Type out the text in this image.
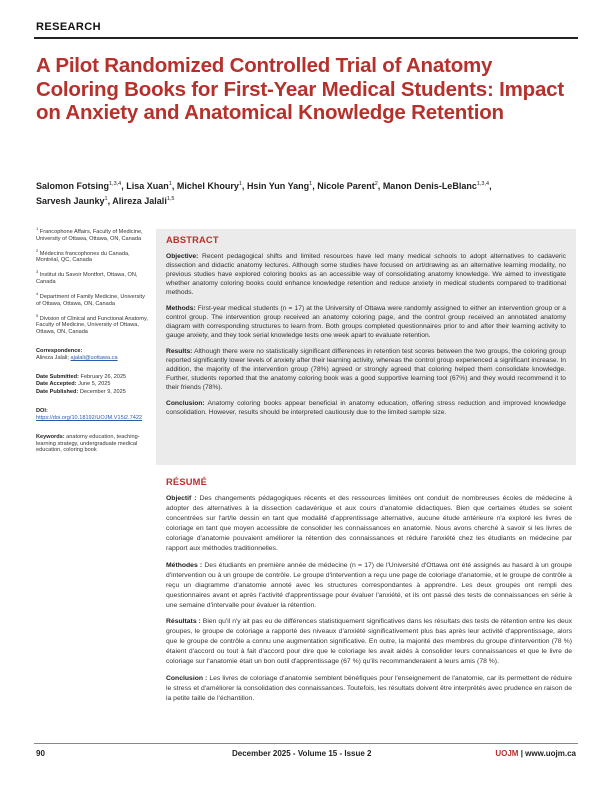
RESEARCH
A Pilot Randomized Controlled Trial of Anatomy Coloring Books for First-Year Medical Students: Impact on Anxiety and Anatomical Knowledge Retention
Salomon Fotsing$^{1,3,4}$, Lisa Xuan$^1$, Michel Khoury$^1$, Hsin Yun Yang$^1$, Nicole Parent$^2$, Manon Denis-LeBlanc$^{1,3,4}$,
Sarvesh Jaunky$^1$, Alireza Jalali$^{1,5}$
$^1$ Francophone Affairs, Faculty of Medicine, University of Ottawa, Ottawa, ON, Canada
$^2$ Médecins francophones du Canada, Montréal, QC, Canada
$^3$ Institut du Savoir Montfort, Ottawa, ON, Canada
$^4$ Department of Family Medicine, University of Ottawa, Ottawa, ON, Canada
$^5$ Division of Clinical and Functional Anatomy, Faculty of Medicine, University of Ottawa, Ottawa, ON, Canada
Correspondence:
Alireza Jalali; ajalali@uottawa.ca
Date Submitted: February 26, 2025
Date Accepted: June 5, 2025
Date Published: December 9, 2025
DOI: https://doi.org/10.18192/UOJM.V15i2.7422
Keywords: anatomy education, teaching-learning strategy, undergraduate medical education, coloring book
ABSTRACT

Objective: Recent pedagogical shifts and limited resources have led many medical schools to adopt alternatives to cadaveric dissection and didactic anatomy lectures. Although some studies have focused on art/drawing as an alternative learning modality, no previous studies have explored coloring books as an accessible way of consolidating anatomy knowledge. We aimed to investigate whether anatomy coloring books could enhance knowledge retention and reduce anxiety in medical students compared to traditional methods.

Methods: First-year medical students (n = 17) at the University of Ottawa were randomly assigned to either an intervention group or a control group. The intervention group received an anatomy coloring page, and the control group received an annotated anatomy diagram with corresponding structures to learn from. Both groups completed questionnaires prior to and after their learning activity to gauge anxiety, and they took serial knowledge tests one week apart to evaluate retention.

Results: Although there were no statistically significant differences in retention test scores between the two groups, the coloring group reported significantly lower levels of anxiety after their learning activity, whereas the control group experienced a significant increase. In addition, the majority of the intervention group (78%) agreed or strongly agreed that coloring helped them consolidate knowledge. Further, students reported that the anatomy coloring book was a good supportive learning tool (67%) and they would recommend it to their friends (78%).

Conclusion: Anatomy coloring books appear beneficial in anatomy education, offering stress reduction and improved knowledge consolidation. However, results should be interpreted cautiously due to the limited sample size.

RÉSUMÉ

Objectif : Des changements pédagogiques récents et des ressources limitées ont conduit de nombreuses écoles de médecine à adopter des alternatives à la dissection cadavérique et aux cours d'anatomie didactiques. Bien que certaines études se soient concentrées sur l'art/le dessin en tant que modalité d'apprentissage alternative, aucune étude antérieure n'a exploré les livres de coloriage en tant que moyen accessible de consolider les connaissances en anatomie. Nous avons cherché à savoir si les livres de coloriage d'anatomie pouvaient améliorer la rétention des connaissances et réduire l'anxiété chez les étudiants en médecine par rapport aux méthodes traditionnelles.

Méthodes : Des étudiants en première année de médecine (n = 17) de l'Université d'Ottawa ont été assignés au hasard à un groupe d'intervention ou à un groupe de contrôle. Le groupe d'intervention a reçu une page de coloriage d'anatomie, et le groupe de contrôle a reçu un diagramme d'anatomie annoté avec les structures correspondantes à apprendre. Les deux groupes ont rempli des questionnaires avant et après l'activité d'apprentissage pour évaluer l'anxiété, et ils ont passé des tests de connaissances en série à une semaine d'intervalle pour évaluer la rétention.

Résultats : Bien qu'il n'y ait pas eu de différences statistiquement significatives dans les résultats des tests de rétention entre les deux groupes, le groupe de coloriage a rapporté des niveaux d'anxiété significativement plus bas après leur activité d'apprentissage, alors que le groupe de contrôle a connu une augmentation significative. En outre, la majorité des membres du groupe d'intervention (78 %) étaient d'accord ou tout à fait d'accord pour dire que le coloriage les avait aidés à consolider leurs connaissances et que le livre de coloriage sur l'anatomie était un bon outil d'apprentissage (67 %) qu'ils recommanderaient à leurs amis (78 %).

Conclusion : Les livres de coloriage d'anatomie semblent bénéfiques pour l'enseignement de l'anatomie, car ils permettent de réduire le stress et d'améliorer la consolidation des connaissances. Toutefois, les résultats doivent être interprétés avec prudence en raison de la petite taille de l'échantillon.

90	December 2025 - Volume 15 - Issue 2	UOJM | www.uojm.ca
